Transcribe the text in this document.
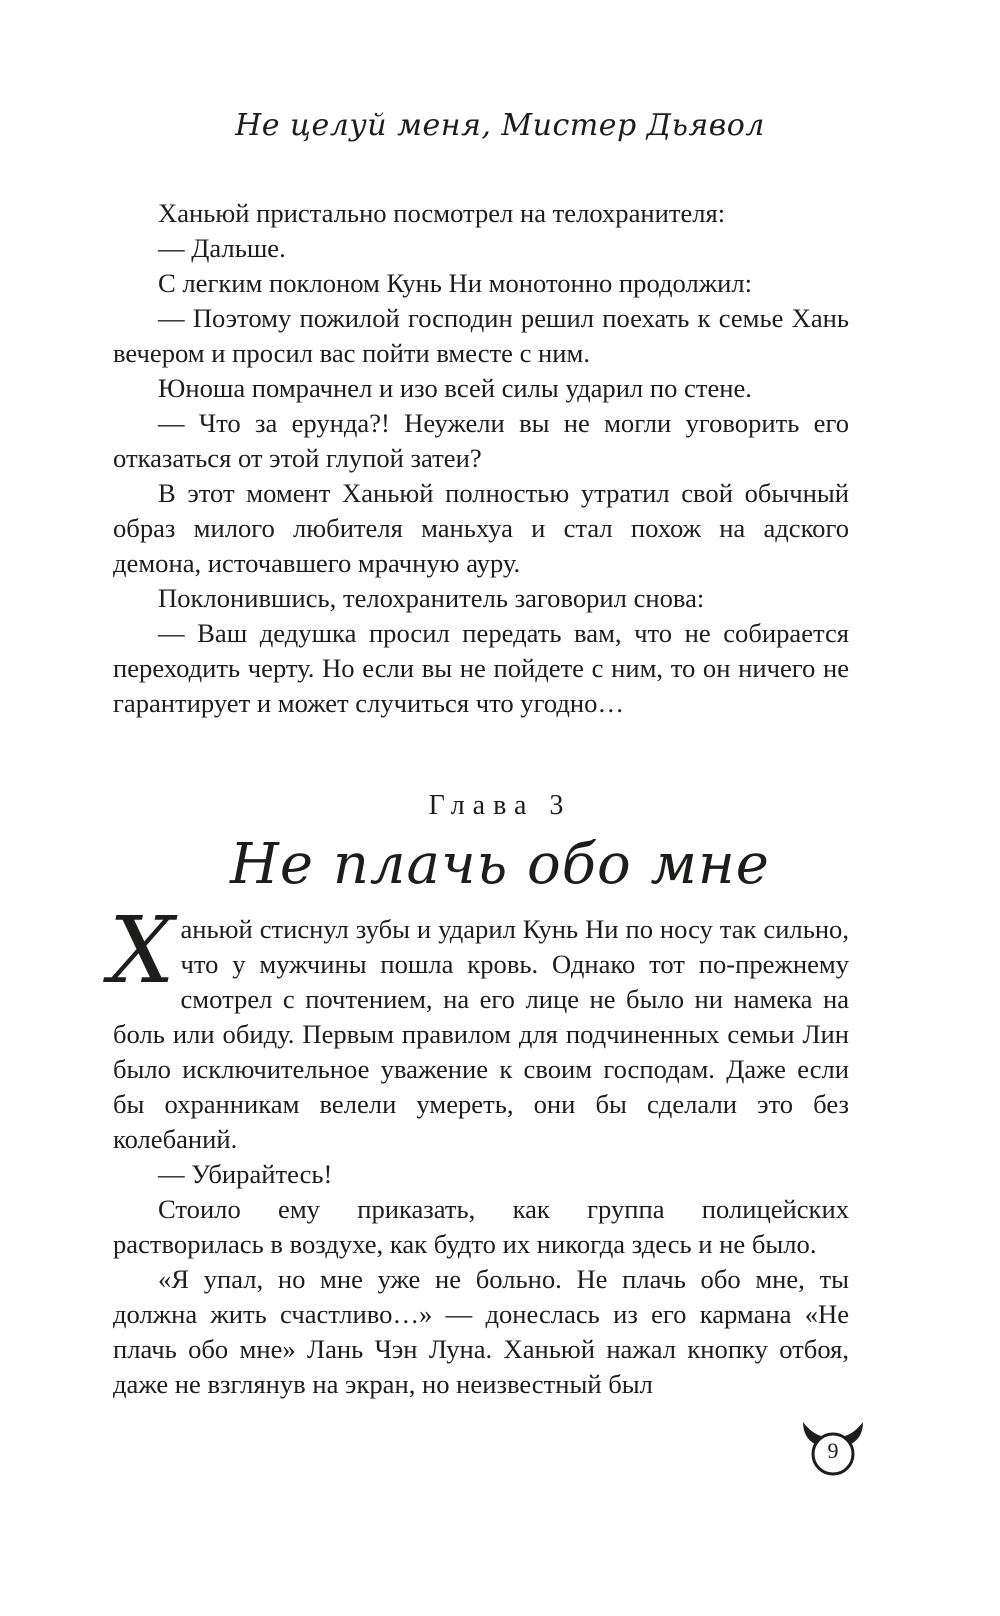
Не целуй меня, Мистер Дьявол

Ханьюй пристально посмотрел на телохранителя:

— Дальше.

С легким поклоном Кунь Ни монотонно продолжил:

— Поэтому пожилой господин решил поехать к семье Хань вечером и просил вас пойти вместе с ним.

Юноша помрачнел и изо всей силы ударил по стене.

— Что за ерунда?! Неужели вы не могли уговорить его отказаться от этой глупой затеи?

В этот момент Ханьюй полностью утратил свой обычный образ милого любителя маньхуа и стал похож на адского демона, источавшего мрачную ауру.

Поклонившись, телохранитель заговорил снова:

— Ваш дедушка просил передать вам, что не собирается переходить черту. Но если вы не пойдете с ним, то он ничего не гарантирует и может случиться что угодно…

Глава 3
Не плачь обо мне

Ханьюй стиснул зубы и ударил Кунь Ни по носу так сильно, что у мужчины пошла кровь. Однако тот по-прежнему смотрел с почтением, на его лице не было ни намека на боль или обиду. Первым правилом для подчиненных семьи Лин было исключительное уважение к своим господам. Даже если бы охранникам велели умереть, они бы сделали это без колебаний.

— Убирайтесь!

Стоило ему приказать, как группа полицейских растворилась в воздухе, как будто их никогда здесь и не было.

«Я упал, но мне уже не больно. Не плачь обо мне, ты должна жить счастливо…» — донеслась из его кармана «Не плачь обо мне» Лань Чэн Луна. Ханьюй нажал кнопку отбоя, даже не взглянув на экран, но неизвестный был

9
